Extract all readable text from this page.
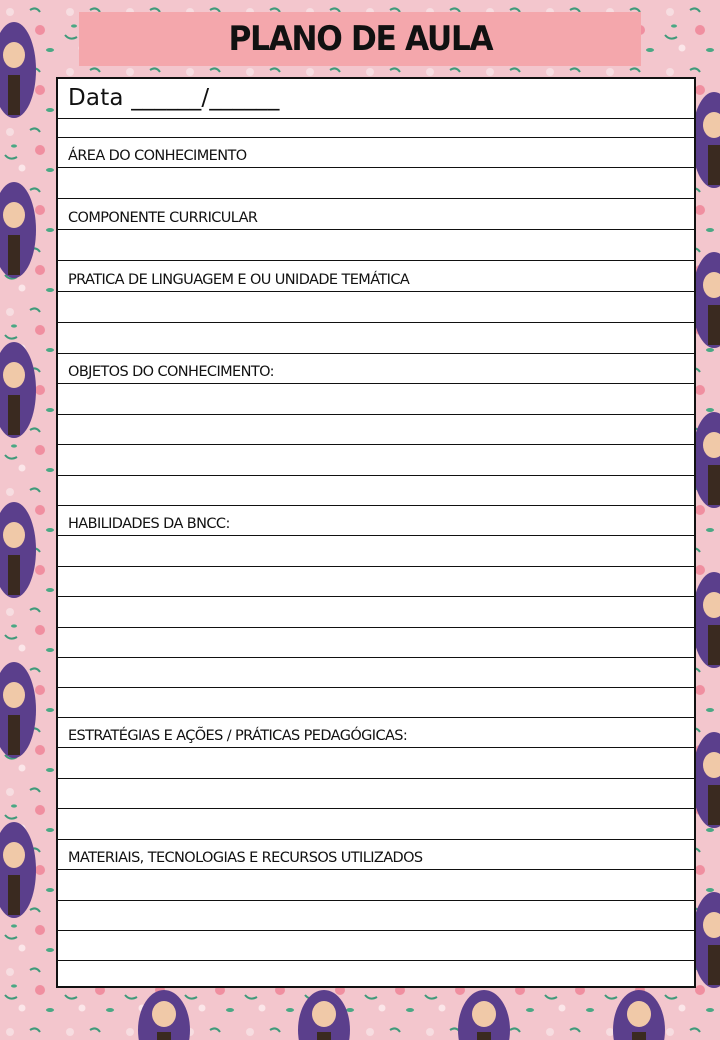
PLANO DE AULA
Data ______/______
ÁREA DO CONHECIMENTO
COMPONENTE CURRICULAR
PRATICA DE LINGUAGEM E OU UNIDADE TEMÁTICA
OBJETOS DO CONHECIMENTO:
HABILIDADES DA BNCC:
ESTRATÉGIAS E AÇÕES / PRÁTICAS PEDAGÓGICAS:
MATERIAIS, TECNOLOGIAS E RECURSOS UTILIZADOS
